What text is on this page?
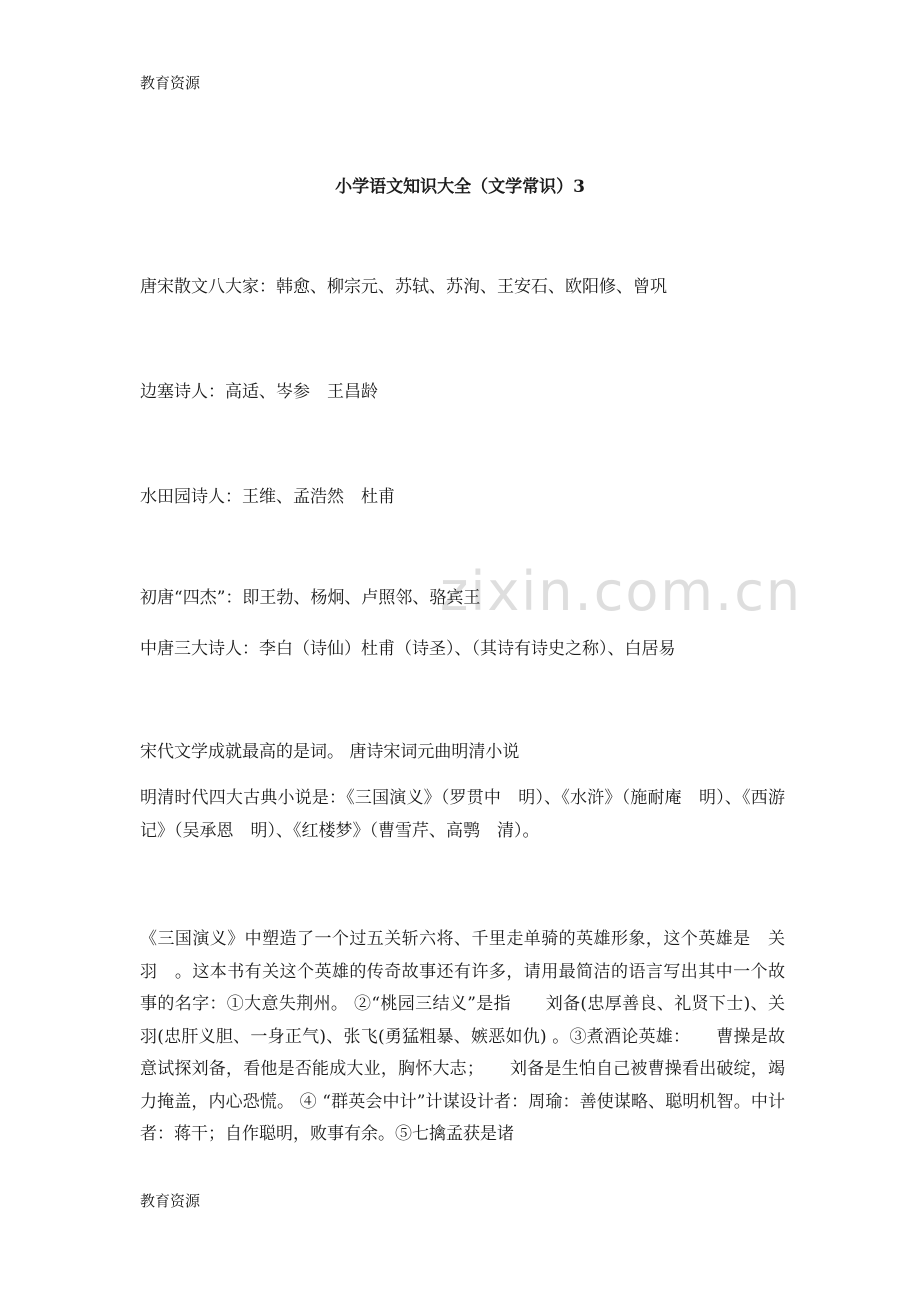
教育资源
小学语文知识大全（文学常识）3
zixin.com.cn
唐宋散文八大家：韩愈、柳宗元、苏轼、苏洵、王安石、欧阳修、曾巩
边塞诗人：高适、岑参　王昌龄
水田园诗人：王维、孟浩然　杜甫
初唐“四杰”：即王勃、杨炯、卢照邻、骆宾王
中唐三大诗人：李白（诗仙）杜甫（诗圣）、（其诗有诗史之称）、白居易
宋代文学成就最高的是词。 唐诗宋词元曲明清小说
明清时代四大古典小说是：《三国演义》（罗贯中　明）、《水浒》（施耐庵　明）、《西游记》（吴承恩　明）、《红楼梦》（曹雪芹、高鹗　清）。
《三国演义》中塑造了一个过五关斩六将、千里走单骑的英雄形象，这个英雄是　关羽　。这本书有关这个英雄的传奇故事还有许多，请用最简洁的语言写出其中一个故事的名字：①大意失荆州。 ②“桃园三结义”是指　　刘备(忠厚善良、礼贤下士)、关羽(忠肝义胆、一身正气)、张飞(勇猛粗暴、嫉恶如仇) 。③煮酒论英雄：　　曹操是故意试探刘备，看他是否能成大业，胸怀大志；　　刘备是生怕自己被曹操看出破绽，竭力掩盖，内心恐慌。 ④ “群英会中计”计谋设计者：周瑜：善使谋略、聪明机智。中计者：蒋干；自作聪明，败事有余。⑤七擒孟获是诸
教育资源
